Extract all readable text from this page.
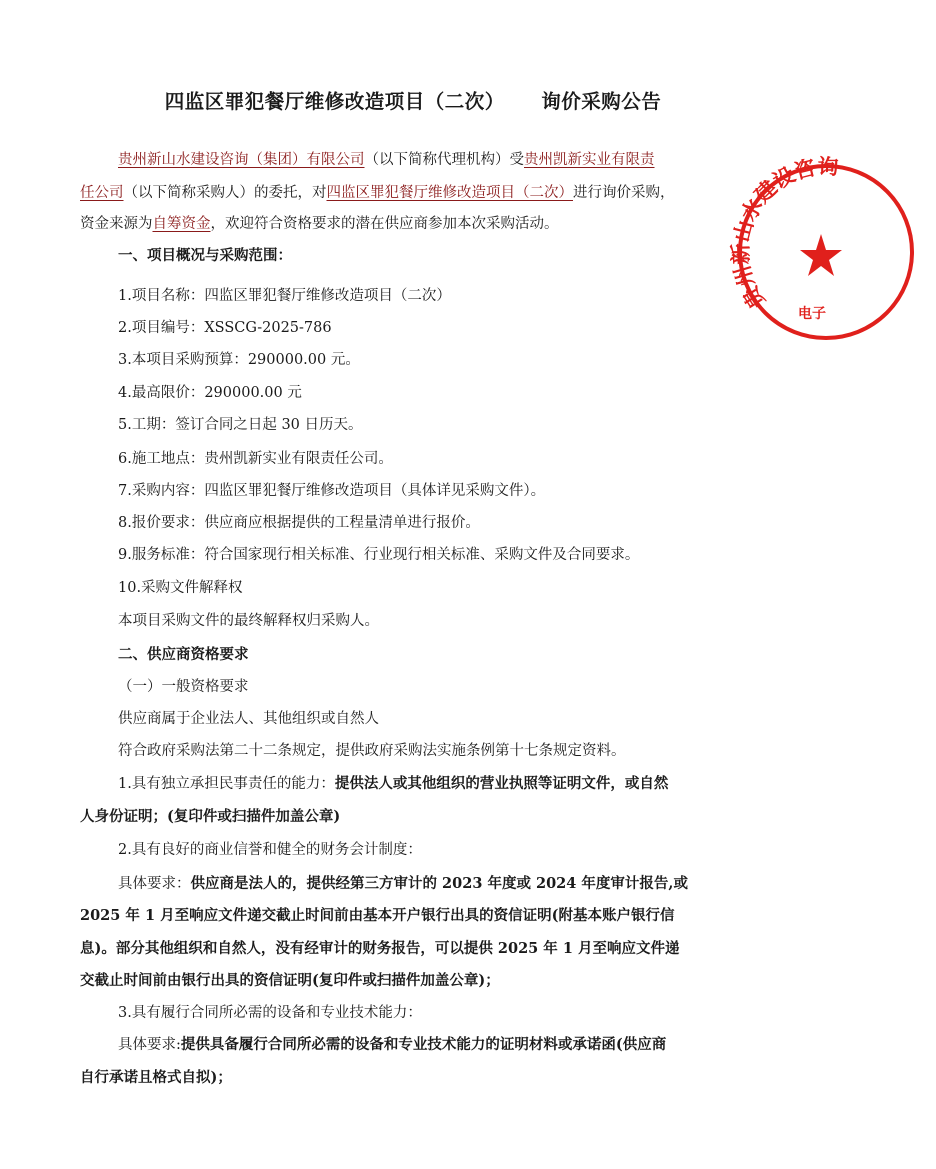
四监区罪犯餐厅维修改造项目（二次）     询价采购公告
贵州新山水建设咨询（集团）有限公司（以下简称代理机构）受贵州凯新实业有限责
任公司（以下简称采购人）的委托，对四监区罪犯餐厅维修改造项目（二次）进行询价采购，
资金来源为自筹资金，欢迎符合资格要求的潜在供应商参加本次采购活动。
一、项目概况与采购范围：
1.项目名称：四监区罪犯餐厅维修改造项目（二次）
2.项目编号：XSSCG-2025-786
3.本项目采购预算：290000.00 元。
4.最高限价：290000.00 元
5.工期：签订合同之日起 30 日历天。
6.施工地点：贵州凯新实业有限责任公司。
7.采购内容：四监区罪犯餐厅维修改造项目（具体详见采购文件）。
8.报价要求：供应商应根据提供的工程量清单进行报价。
9.服务标准：符合国家现行相关标准、行业现行相关标准、采购文件及合同要求。
10.采购文件解释权
本项目采购文件的最终解释权归采购人。
二、供应商资格要求
（一）一般资格要求
供应商属于企业法人、其他组织或自然人
符合政府采购法第二十二条规定，提供政府采购法实施条例第十七条规定资料。
1.具有独立承担民事责任的能力：提供法人或其他组织的营业执照等证明文件，或自然
人身份证明；(复印件或扫描件加盖公章)
2.具有良好的商业信誉和健全的财务会计制度：
具体要求：供应商是法人的，提供经第三方审计的 2023 年度或 2024 年度审计报告,或
2025 年 1 月至响应文件递交截止时间前由基本开户银行出具的资信证明(附基本账户银行信
息)。部分其他组织和自然人，没有经审计的财务报告，可以提供 2025 年 1 月至响应文件递
交截止时间前由银行出具的资信证明(复印件或扫描件加盖公章)；
3.具有履行合同所必需的设备和专业技术能力：
具体要求:提供具备履行合同所必需的设备和专业技术能力的证明材料或承诺函(供应商
自行承诺且格式自拟)；
贵州新山水建设咨询
电子
